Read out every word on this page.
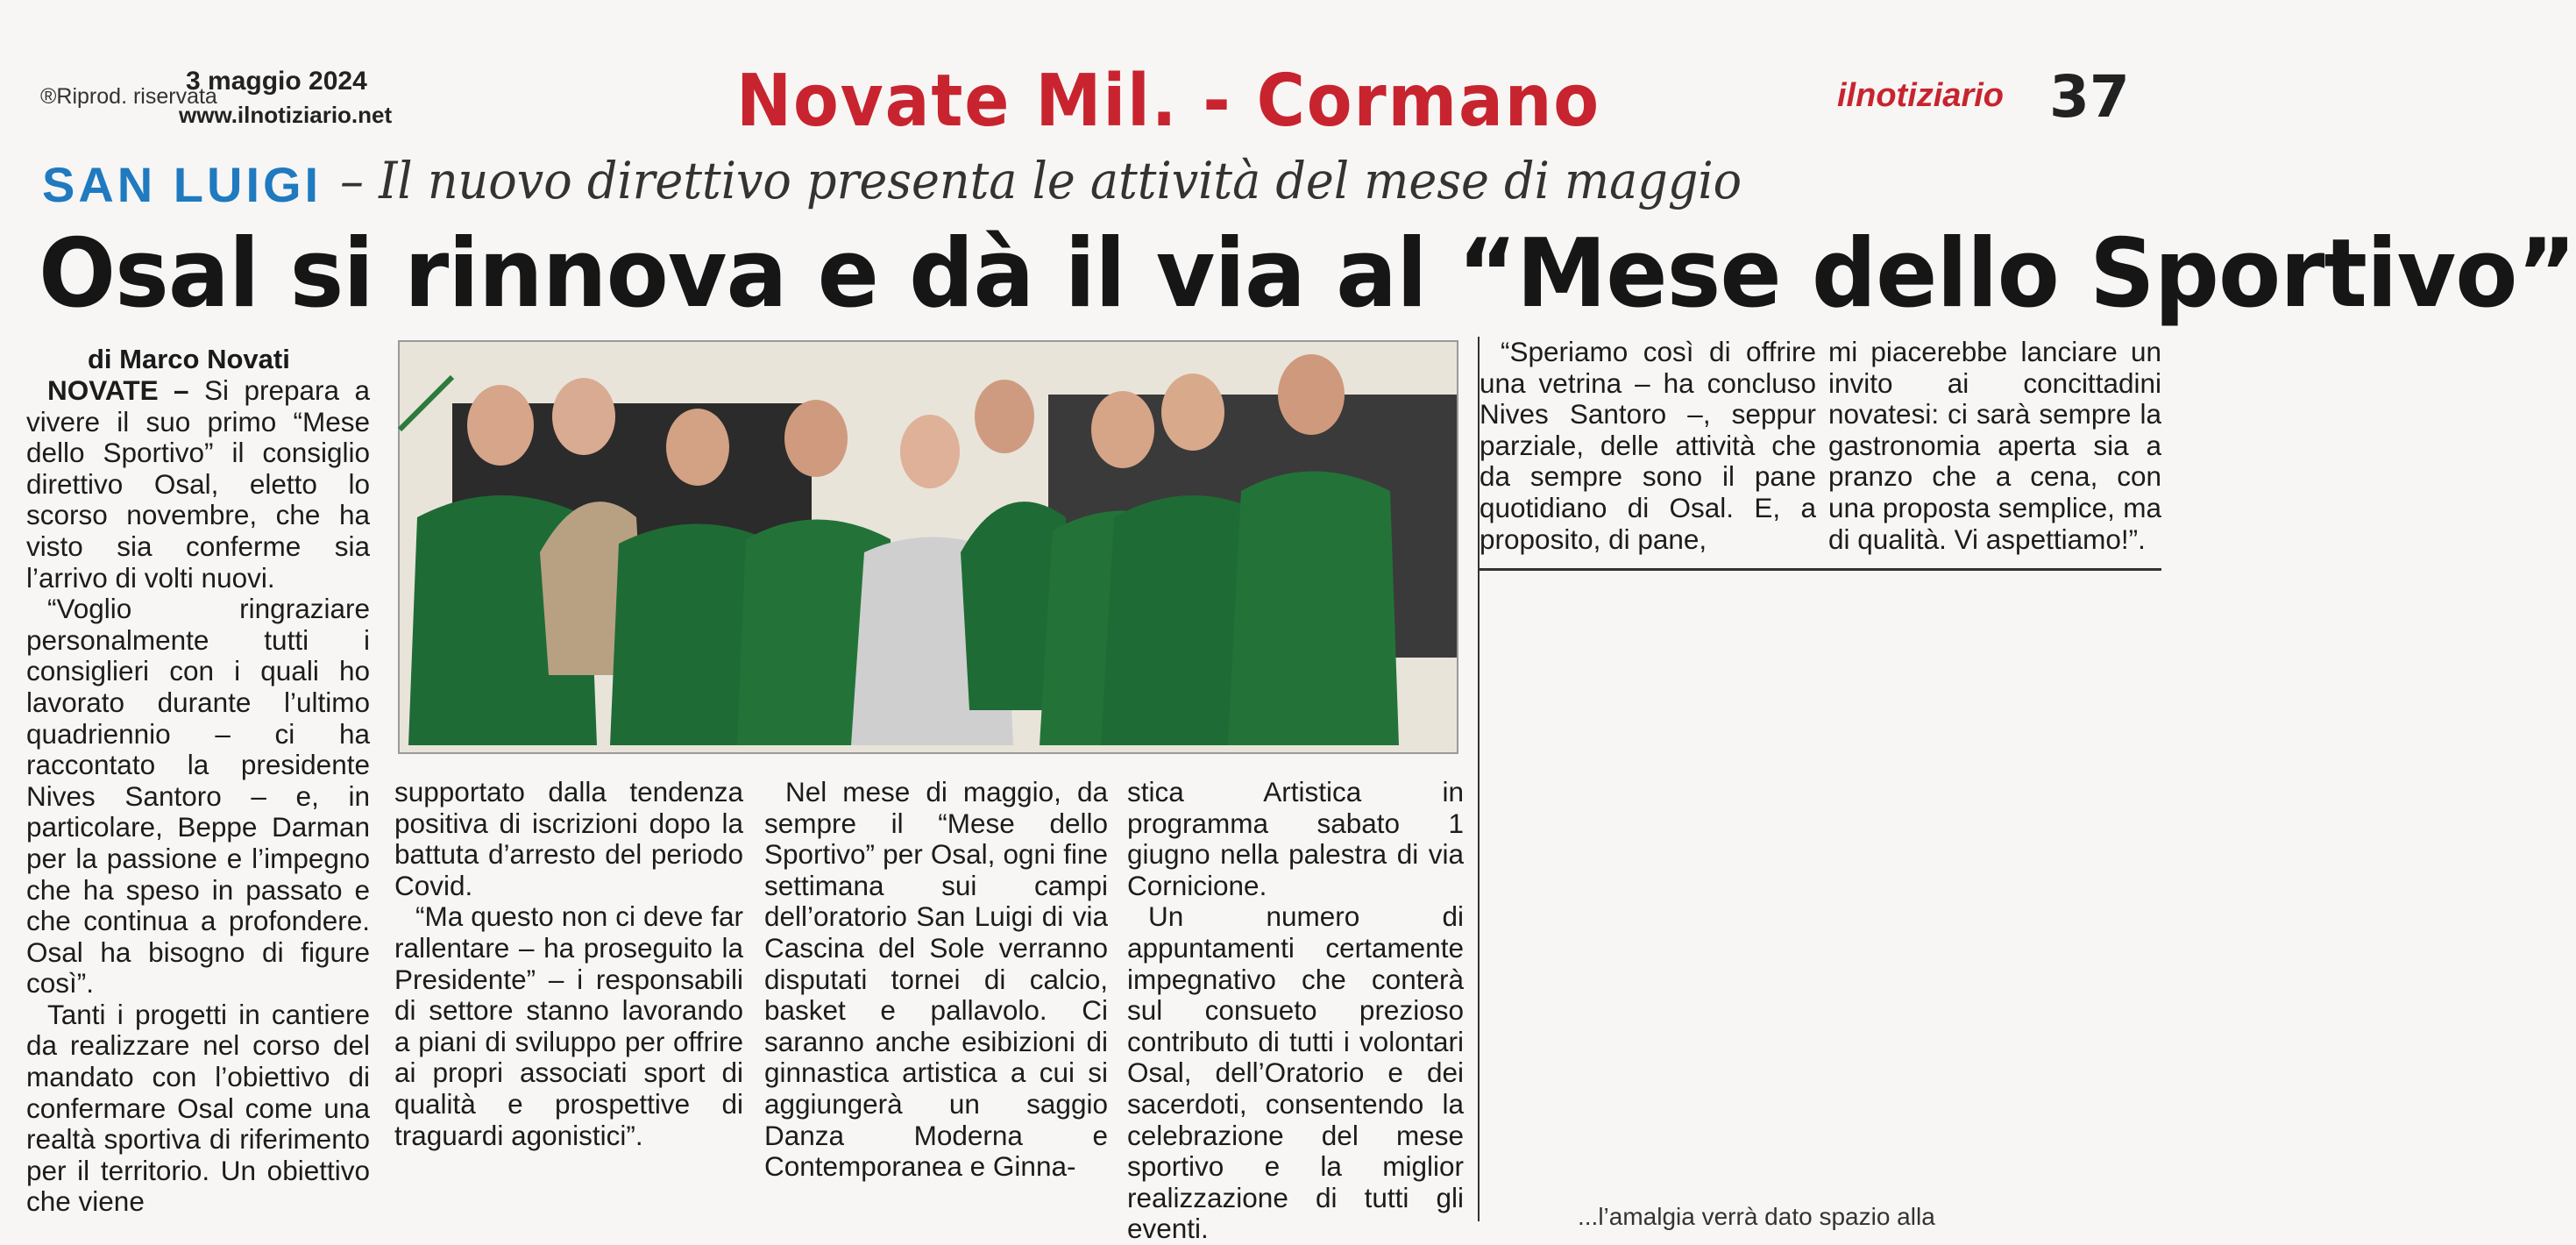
®Riprod. riservata
3 maggio 2024
www.ilnotiziario.net	Novate Mil. - Cormano	ilnotiziario 37
SAN LUIGI – Il nuovo direttivo presenta le attività del mese di maggio
Osal si rinnova e dà il via al “Mese dello Sportivo”
di Marco Novati

NOVATE – Si prepara a vivere il suo primo “Mese dello Sportivo” il consiglio direttivo Osal, eletto lo scorso novembre, che ha visto sia conferme sia l’arrivo di volti nuovi.

“Voglio ringraziare personalmente tutti i consiglieri con i quali ho lavorato durante l’ultimo quadriennio – ci ha raccontato la presidente Nives Santoro – e, in particolare, Beppe Darman per la passione e l’impegno che ha speso in passato e che continua a profondere. Osal ha bisogno di figure così”.

Tanti i progetti in cantiere da realizzare nel corso del mandato con l’obiettivo di confermare Osal come una realtà sportiva di riferimento per il territorio. Un obiettivo che viene

supportato dalla tendenza positiva di iscrizioni dopo la battuta d’arresto del periodo Covid.

“Ma questo non ci deve far rallentare – ha proseguito la Presidente” – i responsabili di settore stanno lavorando a piani di sviluppo per offrire ai propri associati sport di qualità e prospettive di traguardi agonistici”.

Nel mese di maggio, da sempre il “Mese dello Sportivo” per Osal, ogni fine settimana sui campi dell’oratorio San Luigi di via Cascina del Sole verranno disputati tornei di calcio, basket e pallavolo. Ci saranno anche esibizioni di ginnastica artistica a cui si aggiungerà un saggio Danza Moderna e Contemporanea e Ginna-

stica Artistica in programma sabato 1 giugno nella palestra di via Cornicione.

Un numero di appuntamenti certamente impegnativo che conterà sul consueto prezioso contributo di tutti i volontari Osal, dell’Oratorio e dei sacerdoti, consentendo la celebrazione del mese sportivo e la miglior realizzazione di tutti gli eventi.

“Speriamo così di offrire una vetrina – ha concluso Nives Santoro –, seppur parziale, delle attività che da sempre sono il pane quotidiano di Osal. E, a proposito, di pane,

mi piacerebbe lanciare un invito ai concittadini novatesi: ci sarà sempre la gastronomia aperta sia a pranzo che a cena, con una proposta semplice, ma di qualità. Vi aspettiamo!”.

...l’amalgia verrà dato spazio alla
